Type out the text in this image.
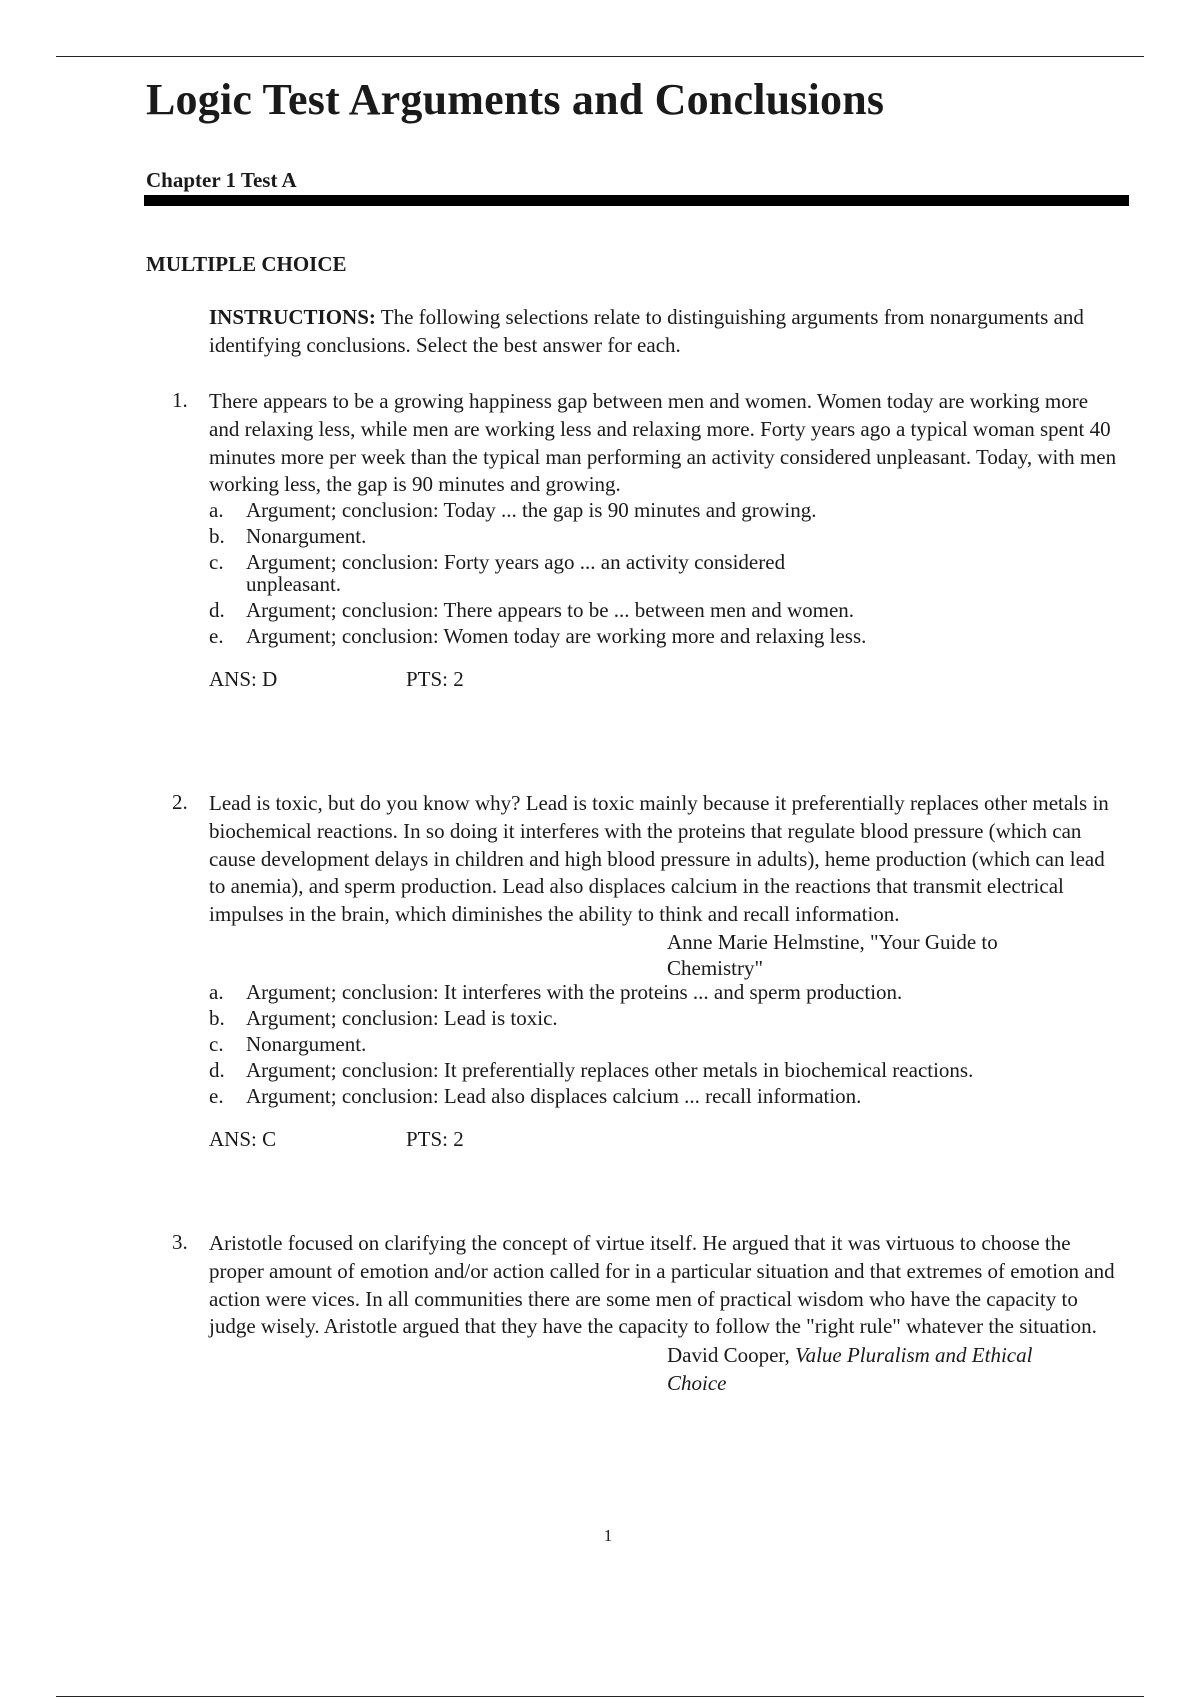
Logic Test Arguments and Conclusions
Chapter 1 Test A
MULTIPLE CHOICE
INSTRUCTIONS: The following selections relate to distinguishing arguments from nonarguments and identifying conclusions. Select the best answer for each.
1.	There appears to be a growing happiness gap between men and women. Women today are working more and relaxing less, while men are working less and relaxing more. Forty years ago a typical woman spent 40 minutes more per week than the typical man performing an activity considered unpleasant. Today, with men working less, the gap is 90 minutes and growing.
a. Argument; conclusion: Today ... the gap is 90 minutes and growing.
b. Nonargument.
c. Argument; conclusion: Forty years ago ... an activity considered unpleasant.
d. Argument; conclusion: There appears to be ... between men and women.
e. Argument; conclusion: Women today are working more and relaxing less.
ANS: D	PTS: 2
2.	Lead is toxic, but do you know why? Lead is toxic mainly because it preferentially replaces other metals in biochemical reactions. In so doing it interferes with the proteins that regulate blood pressure (which can cause development delays in children and high blood pressure in adults), heme production (which can lead to anemia), and sperm production. Lead also displaces calcium in the reactions that transmit electrical impulses in the brain, which diminishes the ability to think and recall information.
Anne Marie Helmstine, "Your Guide to Chemistry"
a. Argument; conclusion: It interferes with the proteins ... and sperm production.
b. Argument; conclusion: Lead is toxic.
c. Nonargument.
d. Argument; conclusion: It preferentially replaces other metals in biochemical reactions.
e. Argument; conclusion: Lead also displaces calcium ... recall information.
ANS: C	PTS: 2
3.	Aristotle focused on clarifying the concept of virtue itself. He argued that it was virtuous to choose the proper amount of emotion and/or action called for in a particular situation and that extremes of emotion and action were vices. In all communities there are some men of practical wisdom who have the capacity to judge wisely. Aristotle argued that they have the capacity to follow the "right rule" whatever the situation.
David Cooper, Value Pluralism and Ethical Choice
1
